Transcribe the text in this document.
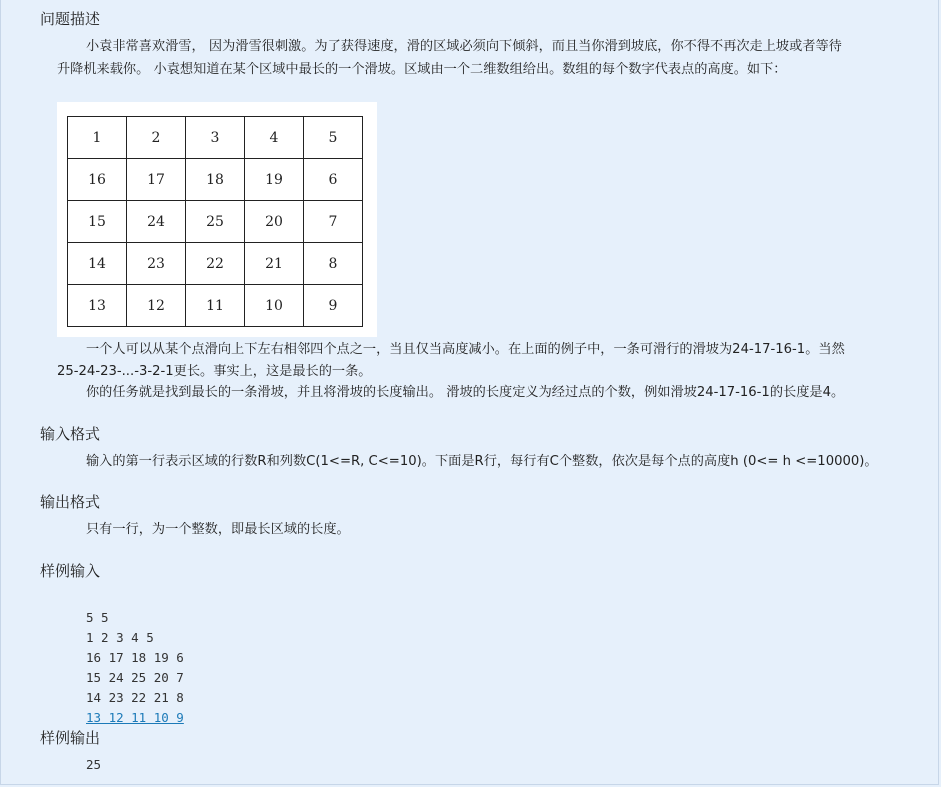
问题描述
小袁非常喜欢滑雪， 因为滑雪很刺激。为了获得速度，滑的区域必须向下倾斜，而且当你滑到坡底，你不得不再次走上坡或者等待
升降机来载你。 小袁想知道在某个区域中最长的一个滑坡。区域由一个二维数组给出。数组的每个数字代表点的高度。如下：
1	2	3	4	5
16	17	18	19	6
15	24	25	20	7
14	23	22	21	8
13	12	11	10	9
一个人可以从某个点滑向上下左右相邻四个点之一，当且仅当高度减小。在上面的例子中，一条可滑行的滑坡为24-17-16-1。当然
25-24-23-...-3-2-1更长。事实上，这是最长的一条。
你的任务就是找到最长的一条滑坡，并且将滑坡的长度输出。 滑坡的长度定义为经过点的个数，例如滑坡24-17-16-1的长度是4。
输入格式
输入的第一行表示区域的行数R和列数C(1<=R, C<=10)。下面是R行，每行有C个整数，依次是每个点的高度h (0<= h <=10000)。
输出格式
只有一行，为一个整数，即最长区域的长度。
样例输入

5 5
1 2 3 4 5
16 17 18 19 6
15 24 25 20 7
14 23 22 21 8
13 12 11 10 9

样例输出
25
